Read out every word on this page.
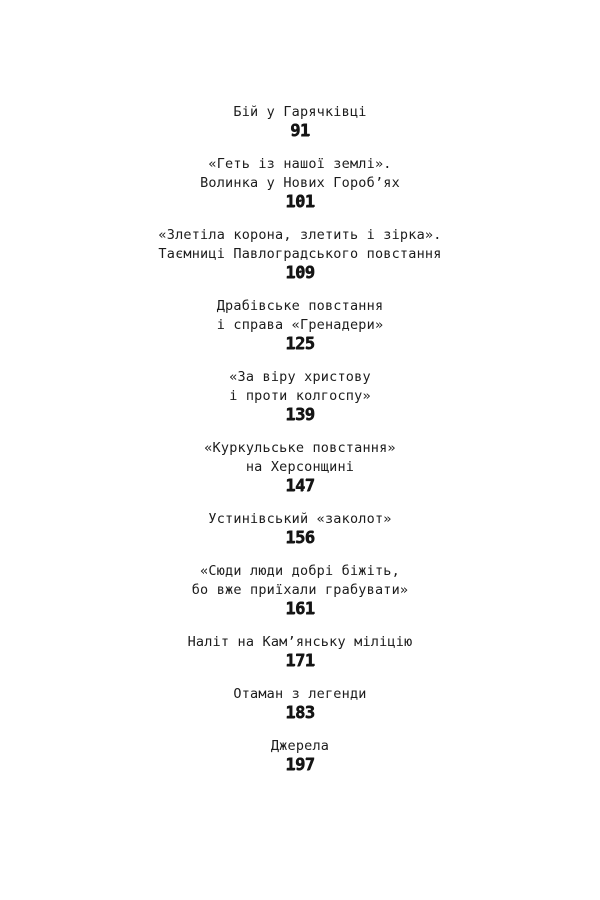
Бій у Гарячківці
91
«Геть із нашої землі».
Волинка у Нових Гороб’ях
101
«Злетіла корона, злетить і зірка».
Таємниці Павлоградського повстання
109
Драбівське повстання
і справа «Гренадери»
125
«За віру христову
і проти колгоспу»
139
«Куркульське повстання»
на Херсонщині
147
Устинівський «заколот»
156
«Сюди люди добрі біжіть,
бо вже приїхали грабувати»
161
Наліт на Кам’янську міліцію
171
Отаман з легенди
183
Джерела
197
